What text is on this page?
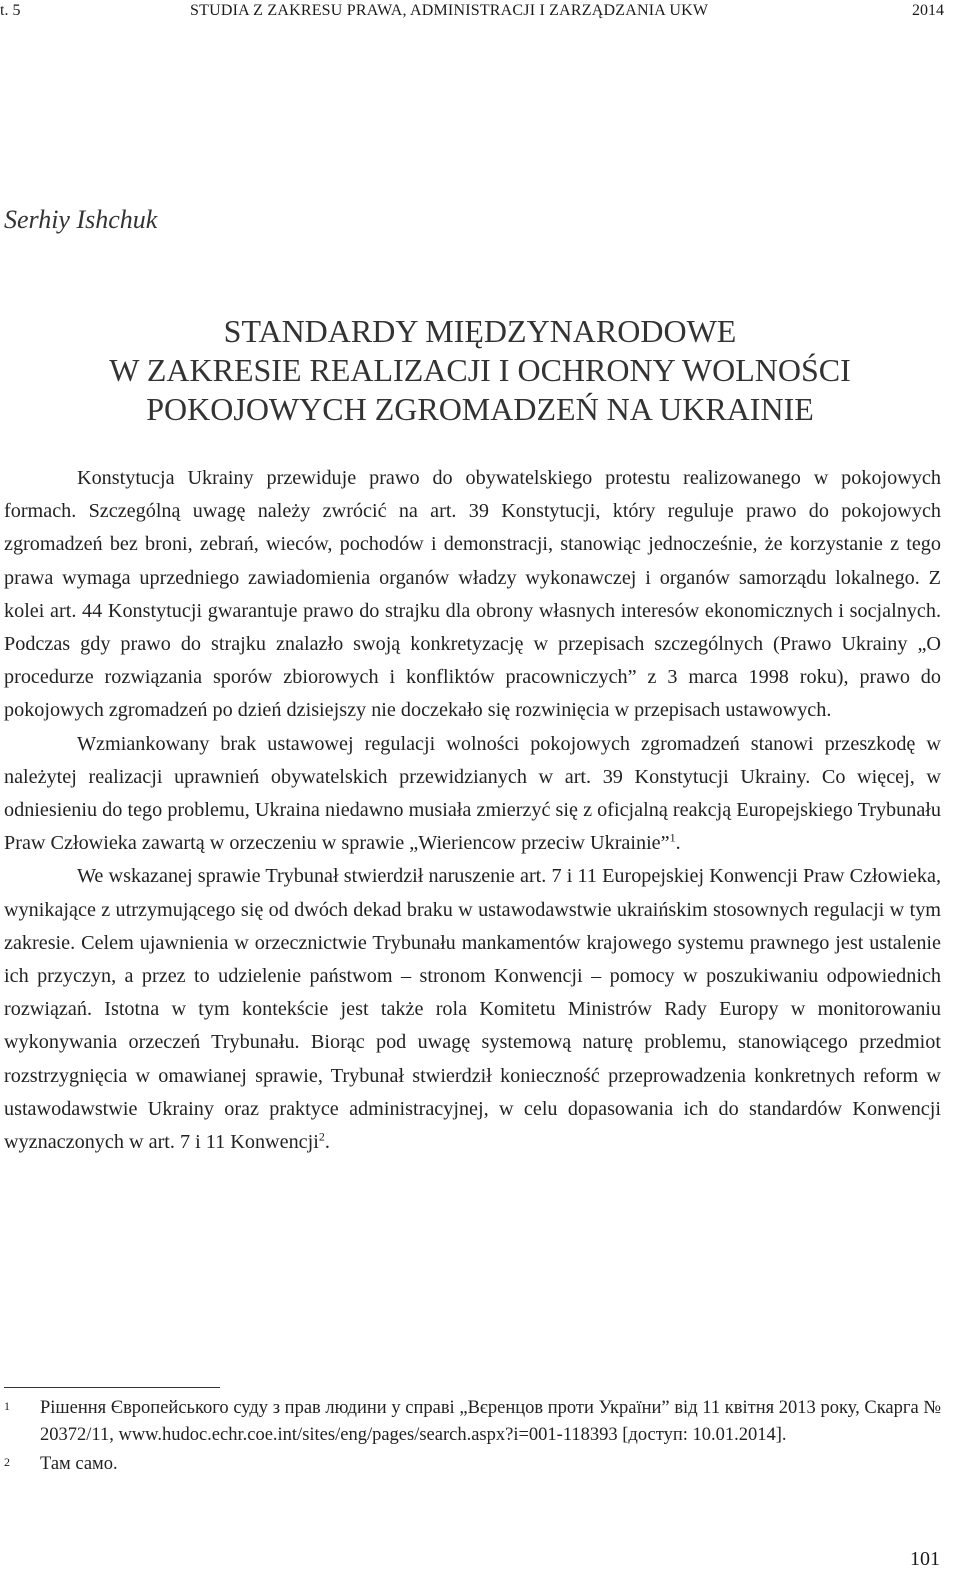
t. 5	STUDIA Z ZAKRESU PRAWA, ADMINISTRACJI I ZARZĄDZANIA UKW	2014
Serhiy Ishchuk
STANDARDY MIĘDZYNARODOWE
W ZAKRESIE REALIZACJI I OCHRONY WOLNOŚCI
POKOJOWYCH ZGROMADZEŃ NA UKRAINIE

Konstytucja Ukrainy przewiduje prawo do obywatelskiego protestu realizowanego w pokojowych formach. Szczególną uwagę należy zwrócić na art. 39 Konstytucji, który reguluje prawo do pokojowych zgromadzeń bez broni, zebrań, wieców, pochodów i demonstracji, stanowiąc jednocześnie, że korzystanie z tego prawa wymaga uprzedniego zawiadomienia organów władzy wykonawczej i organów samorządu lokalnego. Z kolei art. 44 Konstytucji gwarantuje prawo do strajku dla obrony własnych interesów ekonomicznych i socjalnych. Podczas gdy prawo do strajku znalazło swoją konkretyzację w przepisach szczególnych (Prawo Ukrainy „O procedurze rozwiązania sporów zbiorowych i konfliktów pracowniczych” z 3 marca 1998 roku), prawo do pokojowych zgromadzeń po dzień dzisiejszy nie doczekało się rozwinięcia w przepisach ustawowych.

Wzmiankowany brak ustawowej regulacji wolności pokojowych zgromadzeń stanowi przeszkodę w należytej realizacji uprawnień obywatelskich przewidzianych w art. 39 Konstytucji Ukrainy. Co więcej, w odniesieniu do tego problemu, Ukraina niedawno musiała zmierzyć się z oficjalną reakcją Europejskiego Trybunału Praw Człowieka zawartą w orzeczeniu w sprawie „Wieriencow przeciw Ukrainie”$^1$.

We wskazanej sprawie Trybunał stwierdził naruszenie art. 7 i 11 Europejskiej Konwencji Praw Człowieka, wynikające z utrzymującego się od dwóch dekad braku w ustawodawstwie ukraińskim stosownych regulacji w tym zakresie. Celem ujawnienia w orzecznictwie Trybunału mankamentów krajowego systemu prawnego jest ustalenie ich przyczyn, a przez to udzielenie państwom – stronom Konwencji – pomocy w poszukiwaniu odpowiednich rozwiązań. Istotna w tym kontekście jest także rola Komitetu Ministrów Rady Europy w monitorowaniu wykonywania orzeczeń Trybunału. Biorąc pod uwagę systemową naturę problemu, stanowiącego przedmiot rozstrzygnięcia w omawianej sprawie, Trybunał stwierdził konieczność przeprowadzenia konkretnych reform w ustawodawstwie Ukrainy oraz praktyce administracyjnej, w celu dopasowania ich do standardów Konwencji wyznaczonych w art. 7 i 11 Konwencji$^2$.

1 Рішення Європейського суду з прав людини у справі „Вєренцов проти України” від 11 квітня 2013 року, Скарга № 20372/11, www.hudoc.echr.coe.int/sites/eng/pages/search.aspx?i=001-118393 [доступ: 10.01.2014].
2 Там само.
101
